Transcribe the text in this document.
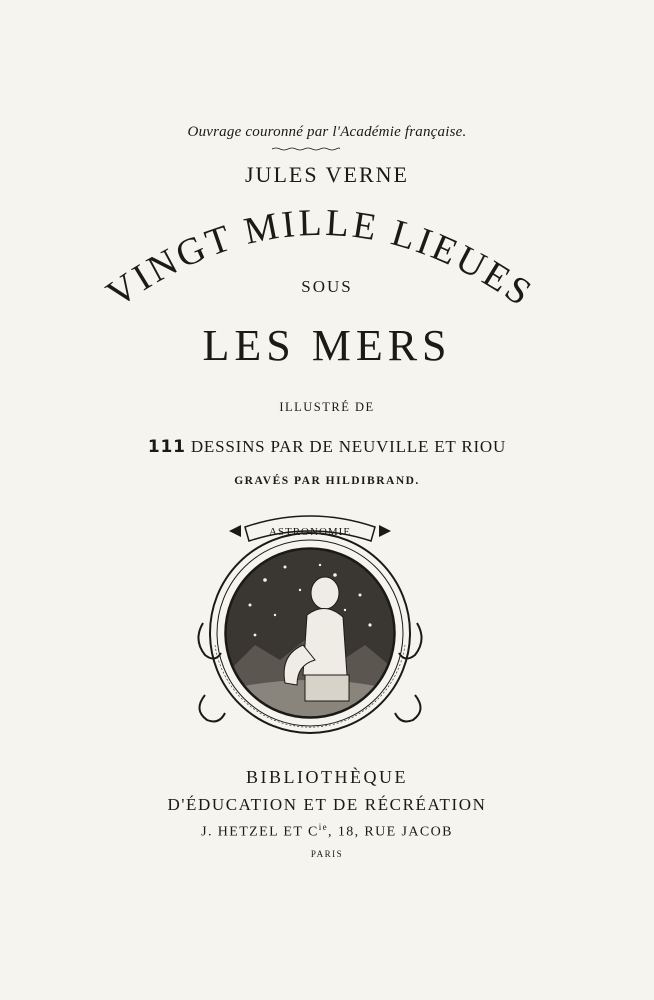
Ouvrage couronné par l'Académie française.
JULES VERNE
VINGT MILLE LIEUES
SOUS
LES MERS
ILLUSTRÉ DE
111 DESSINS PAR DE NEUVILLE ET RIOU
GRAVÉS PAR HILDIBRAND.
ASTRONOMIE
BIBLIOTHÈQUE
D'ÉDUCATION ET DE RÉCRÉATION
J. HETZEL ET $C^{ie}$, 18, RUE JACOB
PARIS
